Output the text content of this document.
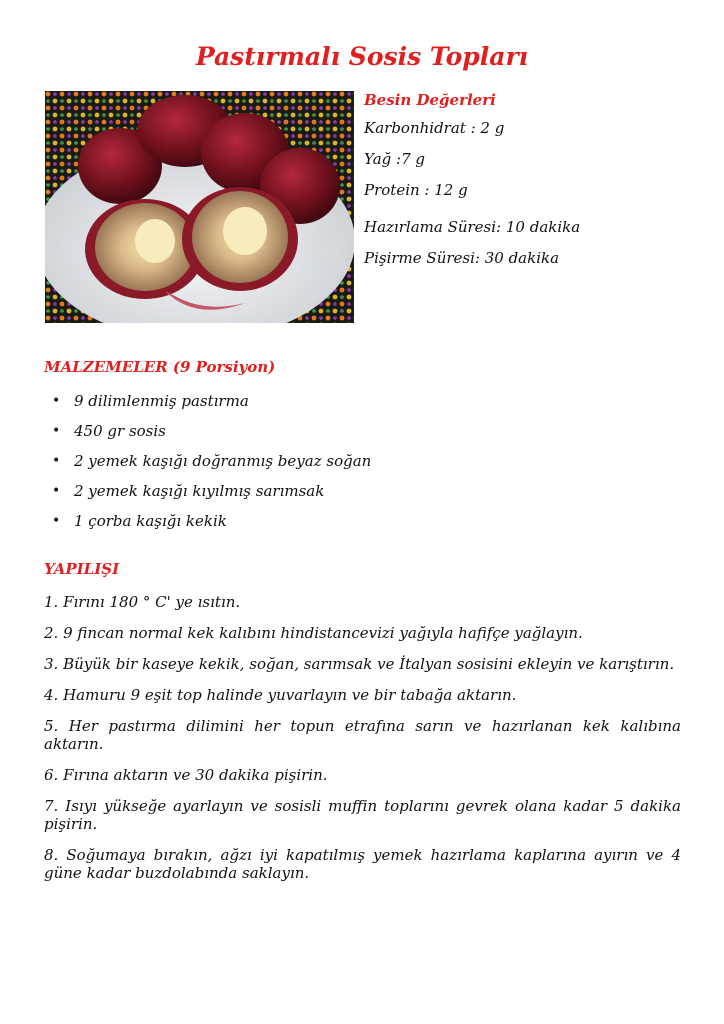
Pastırmalı Sosis Topları
Besin Değerleri
Karbonhidrat : 2 g
Yağ :7 g
Protein : 12 g
Hazırlama Süresi: 10 dakika
Pişirme Süresi: 30 dakika
MALZEMELER (9 Porsiyon)
• 9 dilimlenmiş pastırma
• 450 gr sosis
• 2 yemek kaşığı doğranmış beyaz soğan
• 2 yemek kaşığı kıyılmış sarımsak
• 1 çorba kaşığı kekik
YAPILIŞI

1. Fırını 180 ° C' ye ısıtın.

2. 9 fincan normal kek kalıbını hindistancevizi yağıyla hafifçe yağlayın.

3. Büyük bir kaseye kekik, soğan, sarımsak ve İtalyan sosisini ekleyin ve karıştırın.

4. Hamuru 9 eşit top halinde yuvarlayın ve bir tabağa aktarın.

5. Her pastırma dilimini her topun etrafına sarın ve hazırlanan kek kalıbına aktarın.

6. Fırına aktarın ve 30 dakika pişirin.

7. Isıyı yükseğe ayarlayın ve sosisli muffin toplarını gevrek olana kadar 5 dakika pişirin.

8. Soğumaya bırakın, ağzı iyi kapatılmış yemek hazırlama kaplarına ayırın ve 4 güne kadar buzdolabında saklayın.
